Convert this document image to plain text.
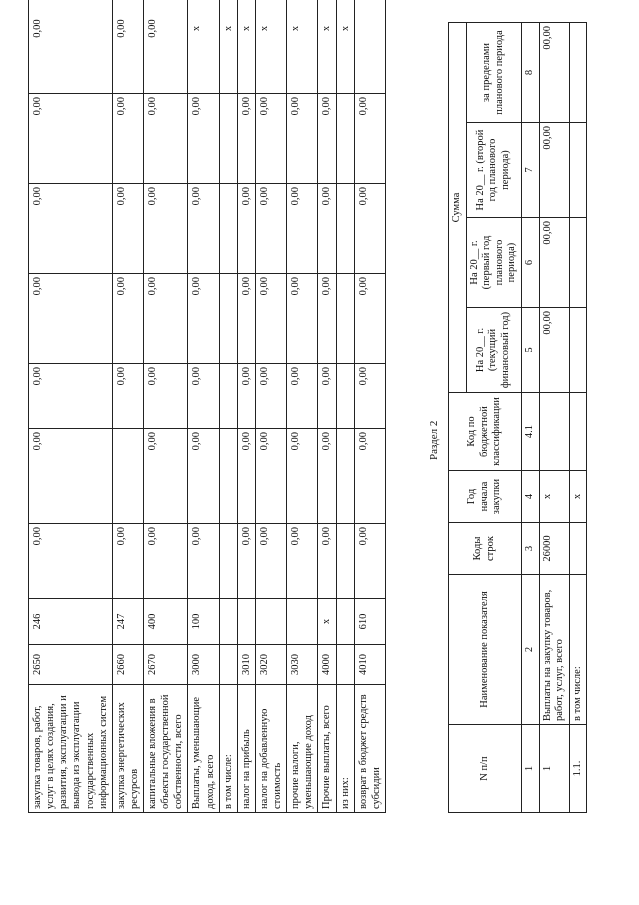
закупка товаров, работ, услуг в целях создания, развития, эксплуатации и вывода из эксплуатации государственных информационных систем	2650	246	0,00	0,00	0,00	0,00	0,00	0,00	0,00	
закупка энергетических ресурсов	2660	247	0,00		0,00	0,00	0,00	0,00	0,00	
капитальные вложения в объекты государственной собственности, всего	2670	400	0,00	0,00	0,00	0,00	0,00	0,00	0,00	
Выплаты, уменьшающие доход, всего	3000	100	0,00	0,00	0,00	0,00	0,00	0,00	x	
в том числе:									x	
налог на прибыль	3010		0,00	0,00	0,00	0,00	0,00	0,00	x	
налог на добавленную стоимость	3020		0,00	0,00	0,00	0,00	0,00	0,00	x	
прочие налоги, уменьшающие доход	3030		0,00	0,00	0,00	0,00	0,00	0,00	x	
Прочие выплаты, всего	4000	x	0,00	0,00	0,00	0,00	0,00	0,00	x	
из них:									x	
возврат в бюджет средств субсидии	4010	610	0,00	0,00	0,00	0,00	0,00	0,00		
Раздел 2
N п/п	Наименование показателя	Коды строк	Год начала закупки	Код по бюджетной классификации	Сумма			
					На 20__ г. (текущий финансовый год)	На 20__ г. (первый год планового периода)	На 20__ г. (второй год планового периода)	за пределами планового периода
1	2	3	4	4.1	5	6	7	8
1	Выплаты на закупку товаров, работ, услуг, всего	26000	x		00,00	00,00	00,00	00,00
1.1.	в том числе:		x					
